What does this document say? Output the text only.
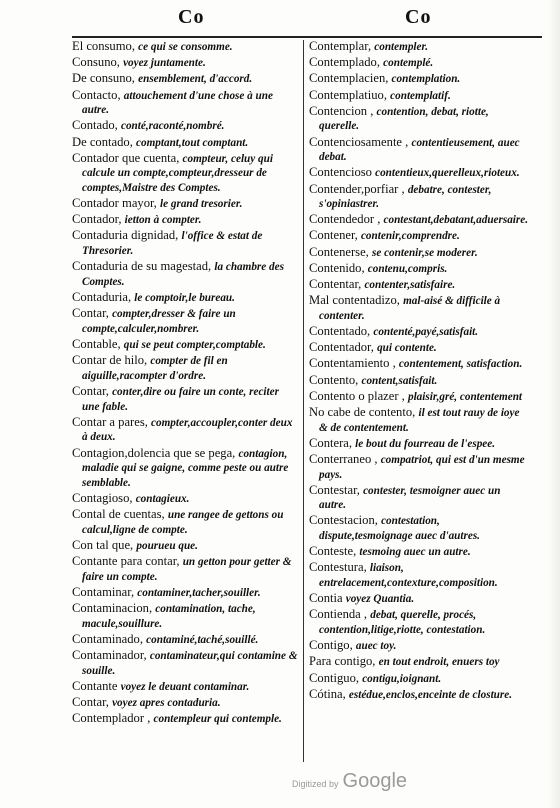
Co	Co
El consumo, ce qui se consomme.
Consuno, voyez juntamente.
De consuno, ensemblement, d'accord.
Contacto, attouchement d'une chose à une autre.
Contado, conté,raconté,nombré.
De contado, comptant,tout comptant.
Contador que cuenta, compteur, celuy qui calcule un compte,compteur,dresseur de comptes,Maistre des Comptes.
Contador mayor, le grand tresorier.
Contador, ietton à compter.
Contaduria dignidad, l'office & estat de Thresorier.
Contaduria de su magestad, la chambre des Comptes.
Contaduria, le comptoir,le bureau.
Contar, compter,dresser & faire un compte,calculer,nombrer.
Contable, qui se peut compter,comptable.
Contar de hilo, compter de fil en aiguille,racompter d'ordre.
Contar, conter,dire ou faire un conte, reciter une fable.
Contar a pares, compter,accoupler,conter deux à deux.
Contagion,dolencia que se pega, contagion, maladie qui se gaigne, comme peste ou autre semblable.
Contagioso, contagieux.
Contal de cuentas, une rangee de gettons ou calcul,ligne de compte.
Con tal que, pourueu que.
Contante para contar, un getton pour getter & faire un compte.
Contaminar, contaminer,tacher,souiller.
Contaminacion, contamination, tache, macule,souillure.
Contaminado, contaminé,taché,souillé.
Contaminador, contaminateur,qui contamine & souille.
Contante voyez le deuant contaminar.
Contar, voyez apres contaduria.
Contemplador , contempleur qui contemple.
Contemplar, contempler.
Contemplado, contemplé.
Contemplacien, contemplation.
Contemplatiuo, contemplatif.
Contencion , contention, debat, riotte, querelle.
Contenciosamente , contentieusement, auec debat.
Contencioso contentieux,querelleux,rioteux.
Contender,porfiar , debatre, contester, s'opiniastrer.
Contendedor , contestant,debatant,aduersaire.
Contener, contenir,comprendre.
Contenerse, se contenir,se moderer.
Contenido, contenu,compris.
Contentar, contenter,satisfaire.
Mal contentadizo, mal-aisé & difficile à contenter.
Contentado, contenté,payé,satisfait.
Contentador, qui contente.
Contentamiento , contentement, satisfaction.
Contento, content,satisfait.
Contento o plazer , plaisir,gré, contentement
No cabe de contento, il est tout rauy de ioye & de contentement.
Contera, le bout du fourreau de l'espee.
Conterraneo , compatriot, qui est d'un mesme pays.
Contestar, contester, tesmoigner auec un autre.
Contestacion, contestation, dispute,tesmoignage auec d'autres.
Conteste, tesmoing auec un autre.
Contestura, liaison, entrelacement,contexture,composition.
Contia voyez Quantia.
Contienda , debat, querelle, procés, contention,litige,riotte, contestation.
Contigo, auec toy.
Para contigo, en tout endroit, enuers toy
Contiguo, contigu,ioignant.
Cótina, estédue,enclos,enceinte de closture.
Digitized by Google
